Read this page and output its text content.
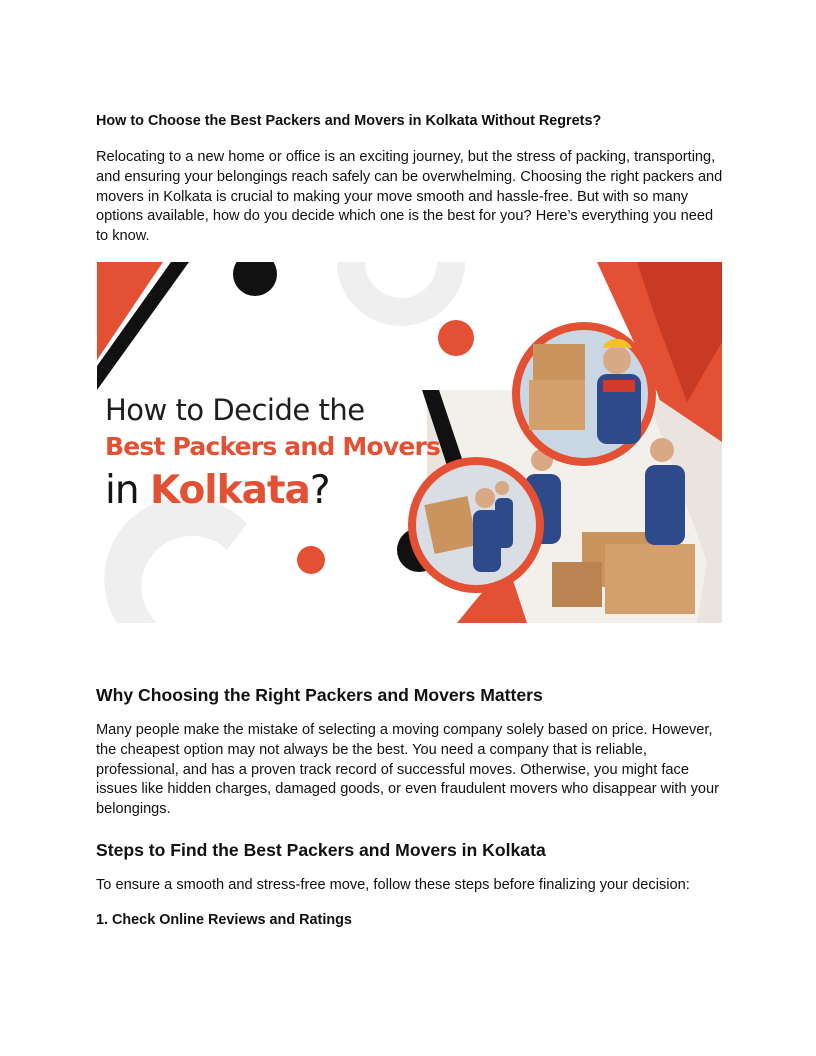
How to Choose the Best Packers and Movers in Kolkata Without Regrets?

Relocating to a new home or office is an exciting journey, but the stress of packing, transporting, and ensuring your belongings reach safely can be overwhelming. Choosing the right packers and movers in Kolkata is crucial to making your move smooth and hassle-free. But with so many options available, how do you decide which one is the best for you? Here’s everything you need to know.

How to Decide the

Best Packers and Movers

in Kolkata?

Why Choosing the Right Packers and Movers Matters

Many people make the mistake of selecting a moving company solely based on price. However, the cheapest option may not always be the best. You need a company that is reliable, professional, and has a proven track record of successful moves. Otherwise, you might face issues like hidden charges, damaged goods, or even fraudulent movers who disappear with your belongings.

Steps to Find the Best Packers and Movers in Kolkata

To ensure a smooth and stress-free move, follow these steps before finalizing your decision:

1. Check Online Reviews and Ratings
